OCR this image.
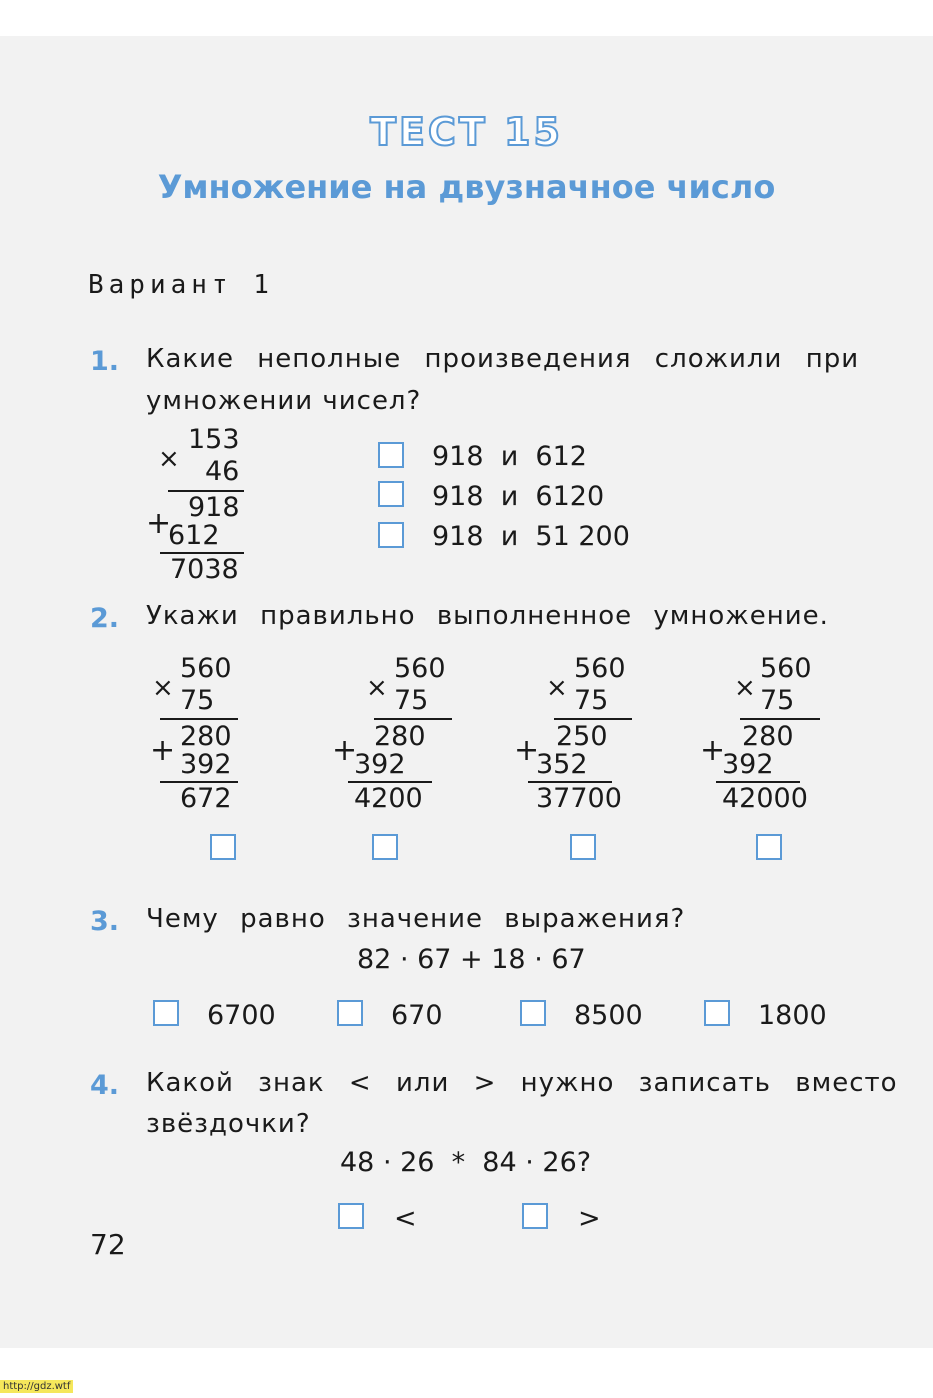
ТЕСТ 15
Умножение на двузначное число
Вариант 1
1. Какие неполные произведения сложили при
умножении чисел?
×
153
46
+ 918
612
7038
918  и  612
918  и  6120
918  и  51 200
2. Укажи правильно выполненное умножение.
×
560
75
+ 280
392
672
×
560
75
+ 280
392
4200
×
560
75
+ 250
352
37700
×
560
75
+ 280
392
42000
3. Чему равно значение выражения?
82 · 67 + 18 · 67
6700	670	8500	1800
4. Какой знак < или > нужно записать вместо
звёздочки?
48 · 26  *  84 · 26?
<	>
72
http://gdz.wtf
